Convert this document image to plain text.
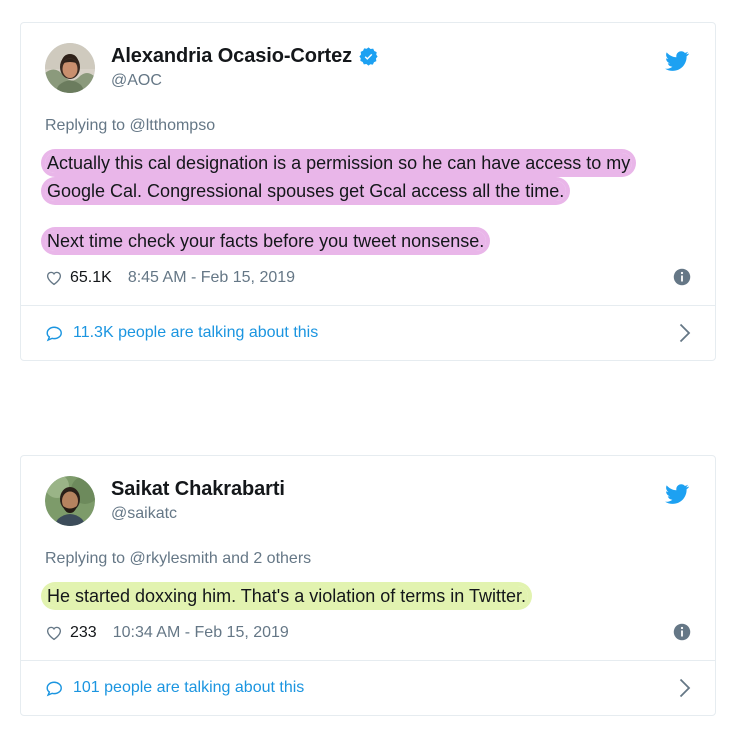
Alexandria Ocasio-Cortez
@AOC
Replying to @ltthompso
Actually this cal designation is a permission so he can have access to my Google Cal. Congressional spouses get Gcal access all the time.
Next time check your facts before you tweet nonsense.
65.1K 8:45 AM - Feb 15, 2019
11.3K people are talking about this
Saikat Chakrabarti
@saikatc
Replying to @rkylesmith and 2 others
He started doxxing him. That's a violation of terms in Twitter.
233 10:34 AM - Feb 15, 2019
101 people are talking about this
